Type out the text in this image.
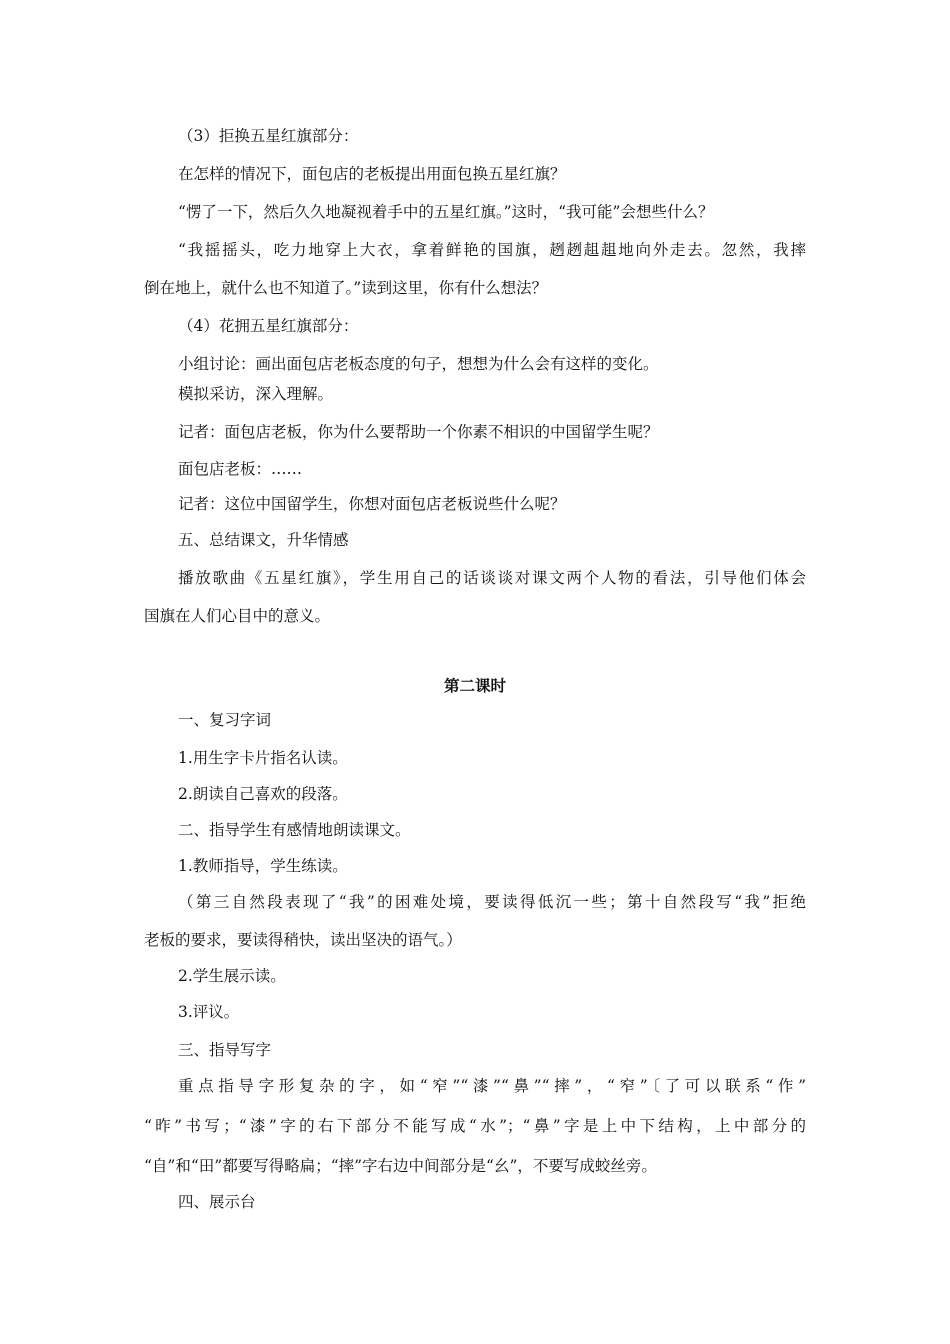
（3）拒换五星红旗部分：
在怎样的情况下，面包店的老板提出用面包换五星红旗？
“愣了一下，然后久久地凝视着手中的五星红旗。”这时，“我可能”会想些什么？
“我摇摇头，吃力地穿上大衣，拿着鲜艳的国旗，趔趔趄趄地向外走去。忽然，我摔
倒在地上，就什么也不知道了。”读到这里，你有什么想法？
（4）花拥五星红旗部分：
小组讨论：画出面包店老板态度的句子，想想为什么会有这样的变化。
模拟采访，深入理解。
记者：面包店老板，你为什么要帮助一个你素不相识的中国留学生呢？
面包店老板：……
记者：这位中国留学生，你想对面包店老板说些什么呢？
五、总结课文，升华情感
播放歌曲《五星红旗》，学生用自己的话谈谈对课文两个人物的看法，引导他们体会
国旗在人们心目中的意义。
第二课时
一、复习字词
1.用生字卡片指名认读。
2.朗读自己喜欢的段落。
二、指导学生有感情地朗读课文。
1.教师指导，学生练读。
（第三自然段表现了“我”的困难处境，要读得低沉一些；第十自然段写“我”拒绝
老板的要求，要读得稍快，读出坚决的语气。）
2.学生展示读。
3.评议。
三、指导写字
重点指导字形复杂的字，如“窄”“漆”“鼻”“摔”，“窄”〔了可以联系“作”
“昨”书写；“漆”字的右下部分不能写成“水”；“鼻”字是上中下结构，上中部分的
“自”和“田”都要写得略扁；“摔”字右边中间部分是“幺”，不要写成蛟丝旁。
四、展示台
